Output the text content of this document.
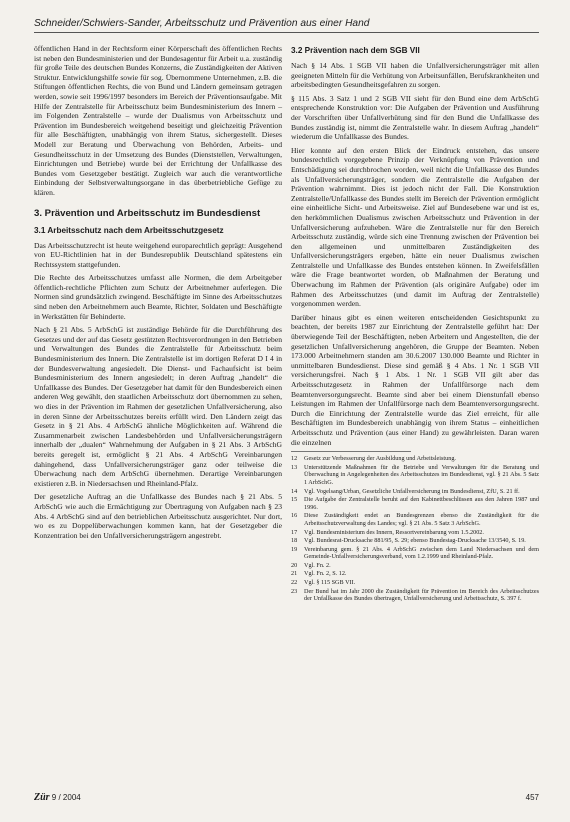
Schneider/Schwiers-Sander, Arbeitsschutz und Prävention aus einer Hand

öffentlichen Hand in der Rechtsform einer Körperschaft des öffentlichen Rechts ist neben den Bundesministerien und der Bundesagentur für Arbeit u.a. zuständig für große Teile des deutschen Bundes Konzerns, die Zuständigkeiten der Aktiven Struktur. Entwicklungshilfe sowie für sog. Übernommene Unternehmen, z.B. die Stiftungen öffentlichen Rechts, die von Bund und Ländern gemeinsam getragen werden, sowie seit 1996/1997 besonders im Bereich der Präventionsaufgabe. Mit Hilfe der Zentralstelle für Arbeitsschutz beim Bundesministerium des Innern – im Folgenden Zentralstelle – wurde der Dualismus von Arbeitsschutz und Prävention im Bundesbereich weitgehend beseitigt und gleichzeitig Prävention für alle Beschäftigten, unabhängig von ihrem Status, sichergestellt. Dieses Modell zur Beratung und Überwachung von Behörden, Arbeits- und Gesundheitsschutz in der Umsetzung des Bundes (Dienststellen, Verwaltungen, Einrichtungen und Betriebe) wurde bei der Errichtung der Unfallkasse des Bundes vom Gesetzgeber bestätigt. Zugleich war auch die verantwortliche Einbindung der Selbstverwaltungsorgane in das überbetriebliche Gefüge zu klären.

3. Prävention und Arbeitsschutz im Bundesdienst
3.1 Arbeitsschutz nach dem Arbeitsschutzgesetz

Das Arbeitsschutzrecht ist heute weitgehend europarechtlich geprägt: Ausgehend von EU-Richtlinien hat in der Bundesrepublik Deutschland spätestens ein Rechtssystem stattgefunden.

Die Rechte des Arbeitsschutzes umfasst alle Normen, die dem Arbeitgeber öffentlich-rechtliche Pflichten zum Schutz der Arbeitnehmer auferlegen. Die Normen sind grundsätzlich zwingend. Beschäftigte im Sinne des Arbeitsschutzes sind neben den Arbeitnehmern auch Beamte, Richter, Soldaten und Beschäftigte in Werkstätten für Behinderte.

Nach § 21 Abs. 5 ArbSchG ist zuständige Behörde für die Durchführung des Gesetzes und der auf das Gesetz gestützten Rechtsverordnungen in den Betrieben und Verwaltungen des Bundes die Zentralstelle für Arbeitsschutz beim Bundesministerium des Innern. Die Zentralstelle ist im dortigen Referat D I 4 in der Bundesverwaltung angesiedelt. Die Dienst- und Fachaufsicht ist beim Bundesministerium des Innern angesiedelt; in deren Auftrag „handelt“ die Unfallkasse des Bundes. Der Gesetzgeber hat damit für den Bundesbereich einen anderen Weg gewählt, den staatlichen Arbeitsschutz dort übernommen zu sehen, wo dies in der Prävention im Rahmen der gesetzlichen Unfallversicherung, also in deren Sinne der Arbeitsschutzes bereits erfüllt wird. Den Ländern zeigt das Gesetz in § 21 Abs. 4 ArbSchG ähnliche Möglichkeiten auf. Während die Zusammenarbeit zwischen Landesbehörden und Unfallversicherungsträgern innerhalb der „dualen“ Wahrnehmung der Aufgaben in § 21 Abs. 3 ArbSchG bereits geregelt ist, ermöglicht § 21 Abs. 4 ArbSchG Vereinbarungen dahingehend, dass Unfallversicherungsträger ganz oder teilweise die Überwachung nach dem ArbSchG übernehmen. Derartige Vereinbarungen existieren z.B. in Niedersachsen und Rheinland-Pfalz.

Der gesetzliche Auftrag an die Unfallkasse des Bundes nach § 21 Abs. 5 ArbSchG wie auch die Ermächtigung zur Übertragung von Aufgaben nach § 23 Abs. 4 ArbSchG sind auf den betrieblichen Arbeitsschutz ausgerichtet. Nur dort, wo es zu Doppelüberwachungen kommen kann, hat der Gesetzgeber die Konzentration bei den Unfallversicherungsträgern angestrebt.

3.2 Prävention nach dem SGB VII

Nach § 14 Abs. 1 SGB VII haben die Unfallversicherungsträger mit allen geeigneten Mitteln für die Verhütung von Arbeitsunfällen, Berufskrankheiten und arbeitsbedingten Gesundheitsgefahren zu sorgen.

§ 115 Abs. 3 Satz 1 und 2 SGB VII sieht für den Bund eine dem ArbSchG entsprechende Konstruktion vor: Die Aufgaben der Prävention und Ausführung der Vorschriften über Unfallverhütung sind für den Bund die Unfallkasse des Bundes zuständig ist, nimmt die Zentralstelle wahr. In diesem Auftrag „handelt“ wiederum die Unfallkasse des Bundes.

Hier konnte auf den ersten Blick der Eindruck entstehen, das unsere bundesrechtlich vorgegebene Prinzip der Verknüpfung von Prävention und Entschädigung sei durchbrochen worden, weil nicht die Unfallkasse des Bundes als Unfallversicherungsträger, sondern die Zentralstelle die Aufgaben der Prävention wahrnimmt. Dies ist jedoch nicht der Fall. Die Konstruktion Zentralstelle/Unfallkasse des Bundes stellt im Bereich der Prävention ermöglicht eine einheitliche Sicht- und Arbeitsweise. Ziel auf Bundesebene war und ist es, den herkömmlichen Dualismus zwischen Arbeitsschutz und Prävention in der Unfallversicherung aufzuheben. Wäre die Zentralstelle nur für den Bereich Arbeitsschutz zuständig, würde sich eine Trennung zwischen der Prävention bei den allgemeinen und unmittelbaren Zuständigkeiten des Unfallversicherungsträgers ergeben, hätte ein neuer Dualismus zwischen Zentralstelle und Unfallkasse des Bundes entstehen können. In Zweifelsfällen wäre die Frage beantwortet worden, ob Maßnahmen der Beratung und Überwachung im Rahmen der Prävention (als originäre Aufgabe) oder im Rahmen des Arbeitsschutzes (und damit im Auftrag der Zentralstelle) vorgenommen werden.

Darüber hinaus gibt es einen weiteren entscheidenden Gesichtspunkt zu beachten, der bereits 1987 zur Einrichtung der Zentralstelle geführt hat: Der überwiegende Teil der Beschäftigten, neben Arbeitern und Angestellten, die der gesetzlichen Unfallversicherung angehören, die Gruppe der Beamten. Neben 173.000 Arbeitnehmern standen am 30.6.2007 130.000 Beamte und Richter in unmittelbaren Bundesdienst. Diese sind gemäß § 4 Abs. 1 Nr. 1 SGB VII versicherungsfrei. Nach § 1 Abs. 1 Nr. 1 SGB VII gilt aber das Arbeitsschutzgesetz in Rahmen der Unfallfürsorge nach dem Beamtenversorgungsrecht. Beamte sind aber bei einem Dienstunfall ebenso Leistungen im Rahmen der Unfallfürsorge nach dem Beamtenversorgungsrecht. Durch die Einrichtung der Zentralstelle wurde das Ziel erreicht, für alle Beschäftigten im Bundesbereich unabhängig von ihrem Status – einheitlichen Arbeitsschutz und Prävention (aus einer Hand) zu gewährleisten. Daran waren die einzelnen

12	Gesetz zur Verbesserung der Ausbildung und Arbeitsleistung.
13	Unterstützende Maßnahmen für die Betriebe und Verwaltungen für die Beratung und Überwachung in Angelegenheiten des Arbeitsschutzes im Bundesdienst, vgl. § 21 Abs. 5 Satz 1 ArbSchG.
14	Vgl. Vogelsang/Urban, Gesetzliche Unfallversicherung im Bundesdienst, ZfU, S. 21 ff.
15	Die Aufgabe der Zentralstelle beruht auf den Kabinettbeschlüssen aus den Jahren 1987 und 1996.
16	Diese Zuständigkeit endet an Bundesgrenzen ebenso die Zuständigkeit für die Arbeitsschutzverwaltung des Landes; vgl. § 21 Abs. 5 Satz 3 ArbSchG.
17	Vgl. Bundesministerium des Innern, Ressortvereinbarung vom 1.5.2002.
18	Vgl. Bundesrat-Drucksache 881/95, S. 29; ebenso Bundestag-Drucksache 13/3540, S. 19.
19	Vereinbarung gem. § 21 Abs. 4 ArbSchG zwischen dem Land Niedersachsen und dem Gemeinde-Unfallversicherungsverband, vom 1.2.1999 und Rheinland-Pfalz.
20	Vgl. Fn. 2.
21	Vgl. Fn. 2, S. 12.
22	Vgl. § 115 SGB VII.
23	Der Bund hat im Jahr 2000 die Zuständigkeit für Prävention im Bereich des Arbeitsschutzes der Unfallkasse des Bundes übertragen, Unfallversicherung und Arbeitsschutz, S. 397 f.
Zür 9 / 2004	457
